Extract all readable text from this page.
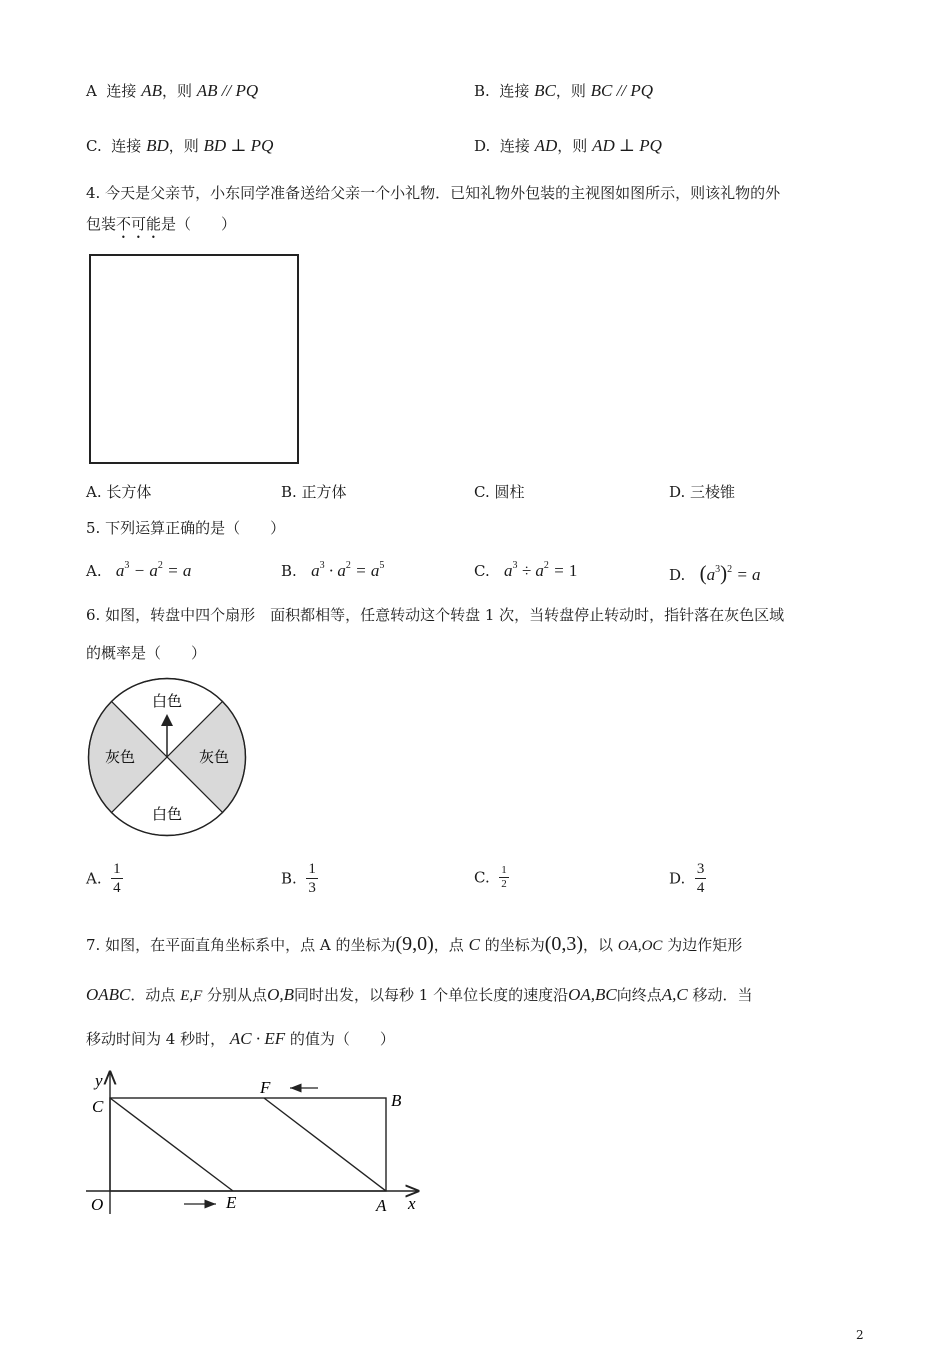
A 连接 AB，则 AB // PQ	B. 连接 BC，则 BC // PQ
C. 连接 BD，则 BD ⊥ PQ	D. 连接 AD，则 AD ⊥ PQ
4. 今天是父亲节，小东同学准备送给父亲一个小礼物．已知礼物外包装的主视图如图所示，则该礼物的外
包装不可能是（　　）
A. 长方体	B. 正方体	C. 圆柱	D. 三棱锥
5. 下列运算正确的是（　　）
A. $a^3 - a^2 = a$	B. $a^3 \cdot a^2 = a^5$	C. $a^3 \div a^2 = 1$	D. $(a^3)^2 = a$
6. 如图，转盘中四个扇形　面积都相等，任意转动这个转盘 1 次，当转盘停止转动时，指针落在灰色区域
的概率是（　　）
白色
白色
灰色	灰色
A. $\frac{1}{4}$	B. $\frac{1}{3}$	C. $\frac{1}{2}$	D. $\frac{3}{4}$
7. 如图，在平面直角坐标系中，点 A 的坐标为(9,0)，点 C 的坐标为(0,3)，以 OA,OC 为边作矩形
OABC．动点 E,F 分别从点O,B同时出发，以每秒 1 个单位长度的速度沿OA,BC向终点A,C 移动．当
移动时间为 4 秒时， AC · EF 的值为（　　）
y
C
F
B
O	E	A x
2
